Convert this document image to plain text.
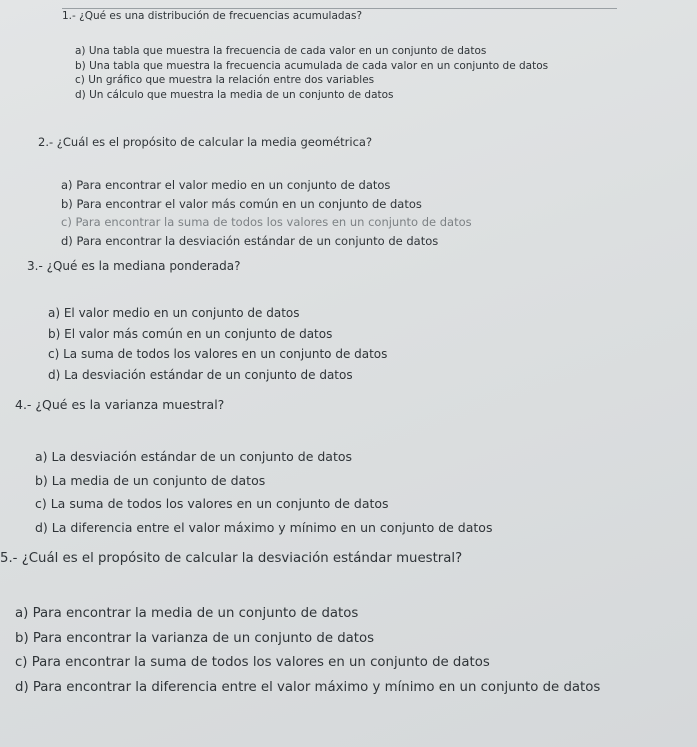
1.- ¿Qué es una distribución de frecuencias acumuladas?
a) Una tabla que muestra la frecuencia de cada valor en un conjunto de datos
b) Una tabla que muestra la frecuencia acumulada de cada valor en un conjunto de datos
c) Un gráfico que muestra la relación entre dos variables
d) Un cálculo que muestra la media de un conjunto de datos
2.- ¿Cuál es el propósito de calcular la media geométrica?
a) Para encontrar el valor medio en un conjunto de datos
b) Para encontrar el valor más común en un conjunto de datos
c) Para encontrar la suma de todos los valores en un conjunto de datos
d) Para encontrar la desviación estándar de un conjunto de datos
3.- ¿Qué es la mediana ponderada?
a) El valor medio en un conjunto de datos
b) El valor más común en un conjunto de datos
c) La suma de todos los valores en un conjunto de datos
d) La desviación estándar de un conjunto de datos
4.- ¿Qué es la varianza muestral?
a) La desviación estándar de un conjunto de datos
b) La media de un conjunto de datos
c) La suma de todos los valores en un conjunto de datos
d) La diferencia entre el valor máximo y mínimo en un conjunto de datos
5.- ¿Cuál es el propósito de calcular la desviación estándar muestral?
a) Para encontrar la media de un conjunto de datos
b) Para encontrar la varianza de un conjunto de datos
c) Para encontrar la suma de todos los valores en un conjunto de datos
d) Para encontrar la diferencia entre el valor máximo y mínimo en un conjunto de datos
